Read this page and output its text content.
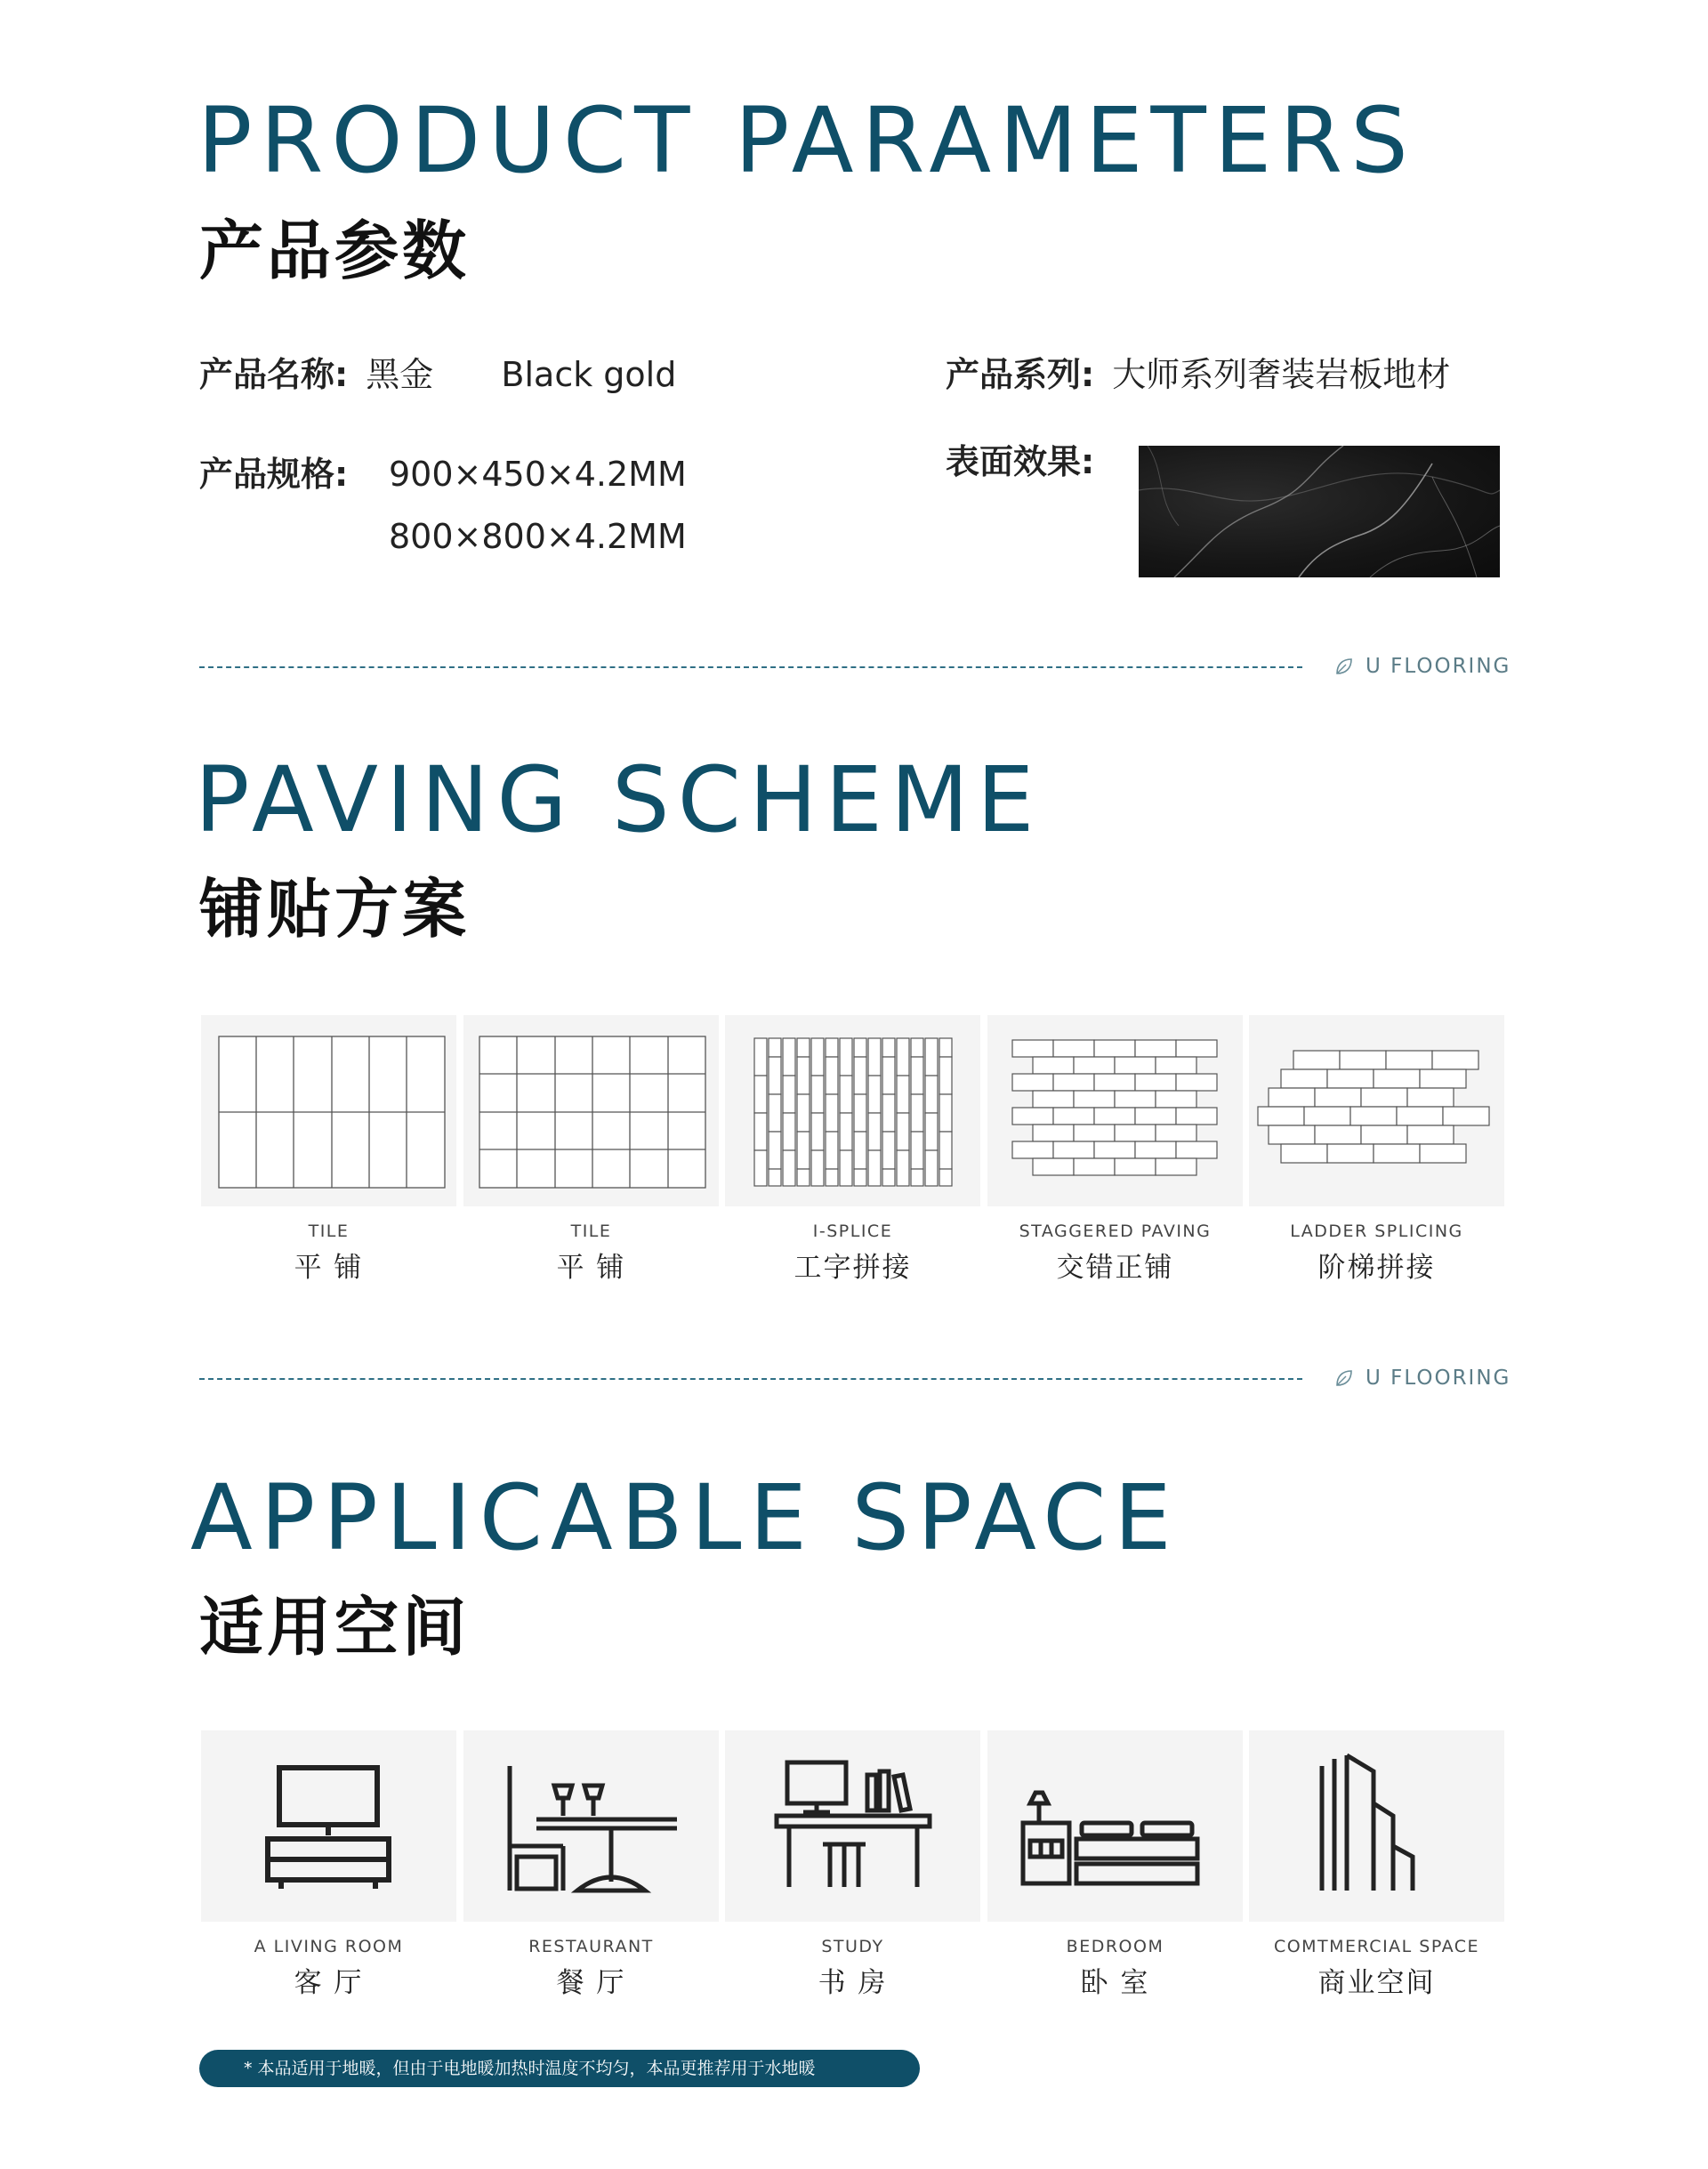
PRODUCT PARAMETERS
产品参数
产品名称: 黑金 Black gold	产品系列: 大师系列奢装岩板地材
产品规格: 900×450×4.2MM
800×800×4.2MM
表面效果:
U FLOORING
PAVING SCHEME
铺贴方案
TILE
平 铺
TILE
平 铺
I-SPLICE
工字拼接
STAGGERED PAVING
交错正铺
LADDER SPLICING
阶梯拼接
U FLOORING
APPLICABLE SPACE
适用空间
A LIVING ROOM
客 厅
RESTAURANT
餐 厅
STUDY
书 房
BEDROOM
卧 室
COMTMERCIAL SPACE
商业空间
* 本品适用于地暖，但由于电地暖加热时温度不均匀，本品更推荐用于水地暖
